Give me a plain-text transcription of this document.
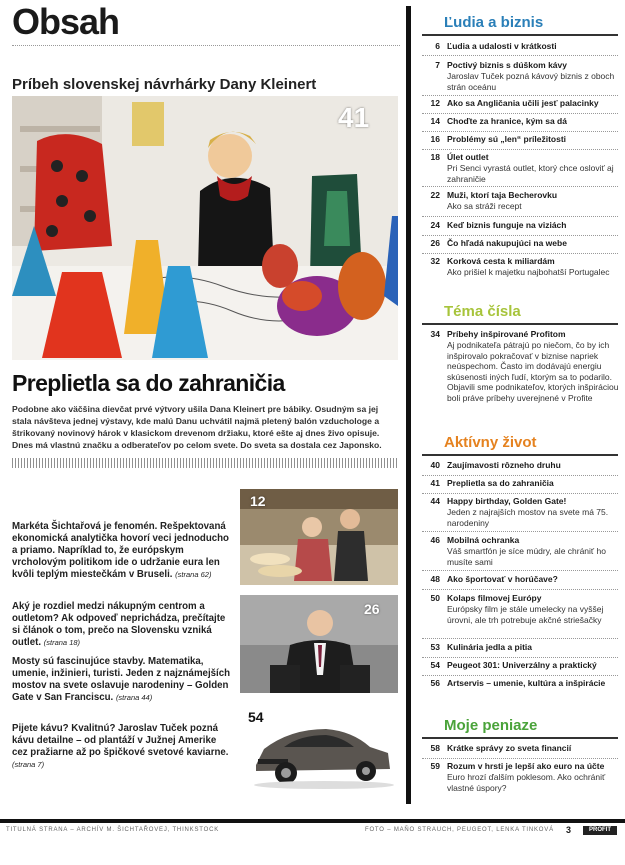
Obsah
Príbeh slovenskej návrhárky Dany Kleinert
41
Preplietla sa do zahraničia
Podobne ako väčšina dievčat prvé výtvory ušila Dana Kleinert pre bábiky. Osudným sa jej stala návšteva jednej výstavy, kde malú Danu uchvátil najmä pletený balón vzduchologe a štrikovaný novinový hárok v klasickom drevenom držiaku, ktoré ešte aj dnes živo opisuje. Dnes má vlastnú značku a odberateľov po celom svete. Do sveta sa dostala cez Japonsko.
Markéta Šichtařová je fenomén. Rešpektovaná ekonomická analytička hovorí veci jednoducho a priamo. Napríklad to, že európskym vrcholovým politikom ide o udržanie eura len kvôli teplým miestečkám v Bruseli. (strana 62)
Aký je rozdiel medzi nákupným centrom a outletom? Ak odpoveď neprichádza, prečítajte si článok o tom, prečo na Slovensku vzniká outlet. (strana 18)
Mosty sú fascinujúce stavby. Matematika, umenie, inžinieri, turisti. Jeden z najznámejších mostov na svete oslavuje narodeniny – Golden Gate v San Franciscu. (strana 44)
Pijete kávu? Kvalitnú? Jaroslav Tuček pozná kávu detailne – od plantáží v Južnej Amerike cez pražiarne až po špičkové svetové kaviarne. (strana 7)
12
26
54
Ľudia a biznis
6 Ľudia a udalosti v krátkosti
7 Poctivý biznis s dúškom kávy
Jaroslav Tuček pozná kávový biznis z oboch strán oceánu
12 Ako sa Angličania učili jesť palacinky
14 Choďte za hranice, kým sa dá
16 Problémy sú „len“ príležitosti
18 Úlet outlet
Pri Senci vyrastá outlet, ktorý chce osloviť aj zahraničie
22 Muži, ktorí tajа Becherovku
Ako sa stráži recept
24 Keď biznis funguje na viziách
26 Čo hľadá nakupujúci na webe
32 Korková cesta k miliardám
Ako prišiel k majetku najbohatší Portugalec
Téma čísla
34 Príbehy inšpirované Profitom
Aj podnikateľa pátrajú po niečom, čo by ich inšpirovalo pokračovať v biznise napriek neúspechom. Často im dodávajú energiu skúsenosti iných ľudí, ktorým sa to podarilo. Objavili sme podnikateľov, ktorých inšpiráciou boli práve príbehy uverejnené v Profite
Aktívny život
40 Zaujímavosti rôzneho druhu
41 Preplietla sa do zahraničia
44 Happy birthday, Golden Gate!
Jeden z najrajších mostov na svete má 75. narodeniny
46 Mobilná ochranka
Váš smartfón je síce múdry, ale chrániť ho musíte sami
48 Ako športovať v horúčave?
50 Kolaps filmovej Európy
Európsky film je stále umelecky na vyššej úrovni, ale trh potrebuje akčné striešačky
53 Kulinária jedla a pitia
54 Peugeot 301: Univerzálny a praktický
56 Artservis – umenie, kultúra a inšpirácie
Moje peniaze
58 Krátke správy zo sveta financií
59 Rozum v hrsti je lepší ako euro na účte
Euro hrozí ďalším poklesom. Ako ochrániť vlastné úspory?
TITULNÁ STRANA – ARCHÍV M. ŠICHTAŘOVEJ, THINKSTOCK	FOTO – MAŇO STRAUCH, PEUGEOT, LENKA TINKOVÁ 3	PROFIT
